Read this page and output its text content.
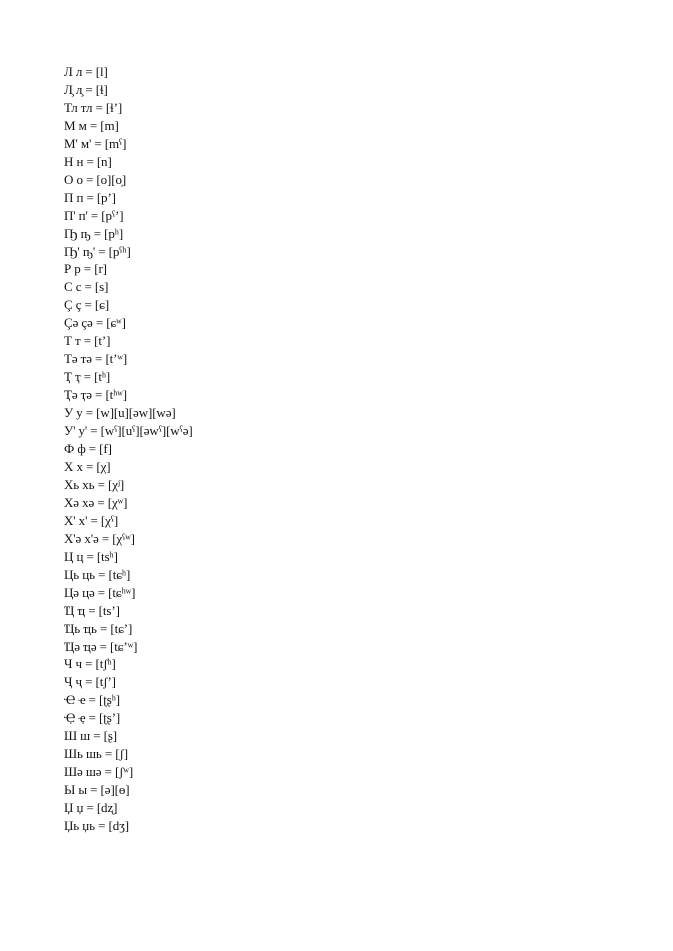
Л л = [l]
Л̧ л̧ = [ɬ]
Тл тл = [ɬ’]
М м = [m]
М' м' = [mˤ]
Н н = [n]
О о = [o][o̜]
П п = [p’]
П' п' = [pˤ’]
Ҧ ҧ = [pʰ]
Ҧ' ҧ' = [pˤʰ]
Р р = [r]
С с = [s]
Ç ç = [ɕ]
Çə çə = [ɕʷ]
Т т = [t’]
Тə тə = [t’ʷ]
Ҭ ҭ = [tʰ]
Ҭə ҭə = [tʰʷ]
У у = [w][u][əw][wə]
У' у' = [wˤ][uˤ][əwˤ][wˤə]
Ф ф = [f]
Х х = [χ]
Хь хь = [χʲ]
Хə хə = [χʷ]
Х' х' = [χˤ]
Х'ə х'ə = [χˤʷ]
Ц ц = [tsʰ]
Ць ць = [tɕʰ]
Цə цə = [tɕʰʷ]
Ҵ ҵ = [ts’]
Ҵь ҵь = [tɕ’]
Ҵə ҵə = [tɕ’ʷ]
Ч ч = [tʃʰ]
Ҷ ҷ = [tʃ’]
Ҽ ҽ = [ʈʂʰ]
Ҿ ҿ = [ʈʂ’]
Ш ш = [ʂ]
Шь шь = [ʃ]
Шə шə = [ʃʷ]
Ы ы = [ə][ɵ]
Џ џ = [dʐ]
Џь џь = [dʒ]
